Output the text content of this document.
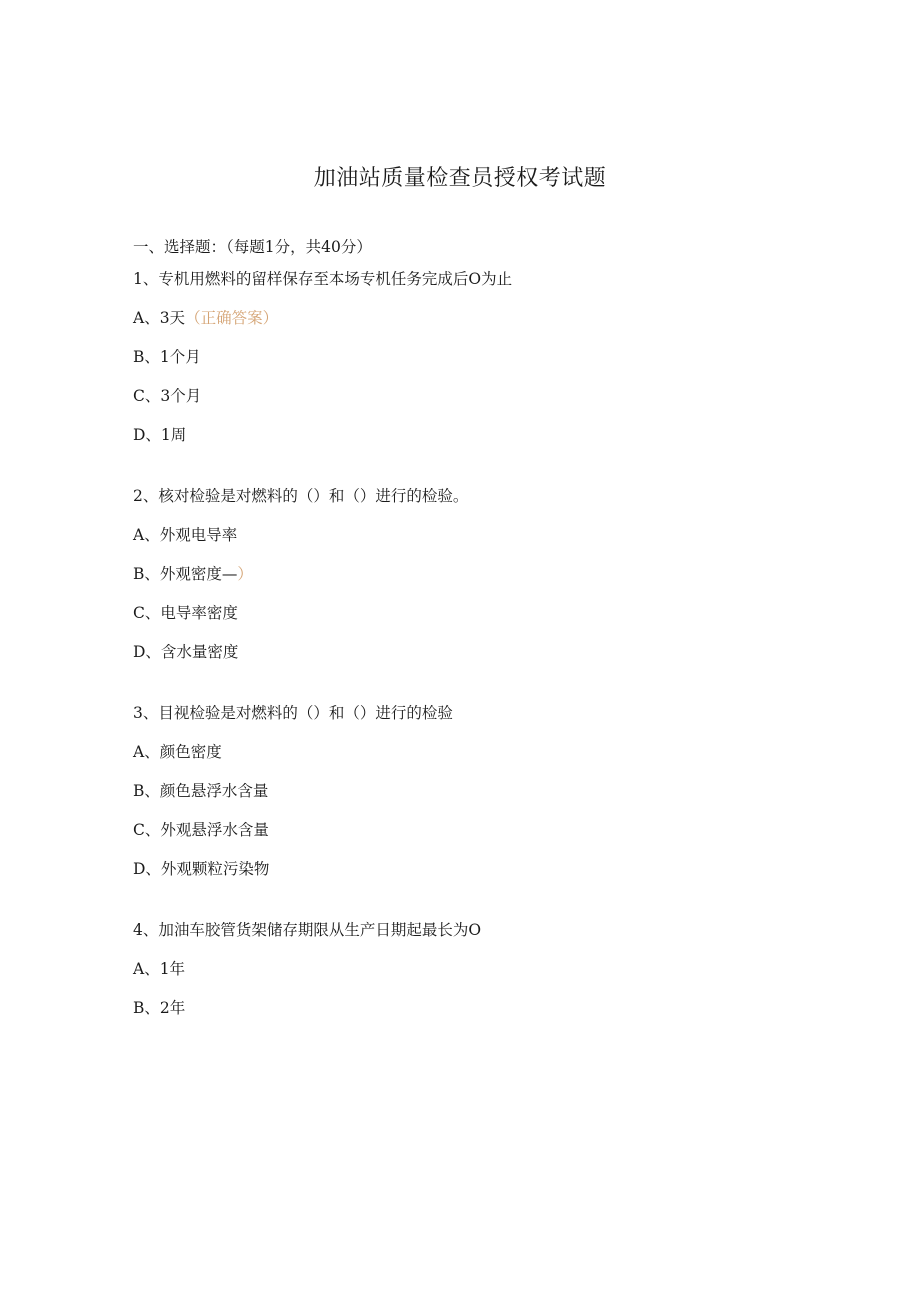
加油站质量检查员授权考试题
一、选择题：（每题1分，共40分）
1、专机用燃料的留样保存至本场专机任务完成后O为止
A、3天（正确答案）
B、1个月
C、3个月
D、1周
2、核对检验是对燃料的（）和（）进行的检验。
A、外观电导率
B、外观密度—）
C、电导率密度
D、含水量密度
3、目视检验是对燃料的（）和（）进行的检验
A、颜色密度
B、颜色悬浮水含量
C、外观悬浮水含量
D、外观颗粒污染物
4、加油车胶管货架储存期限从生产日期起最长为O
A、1年
B、2年
